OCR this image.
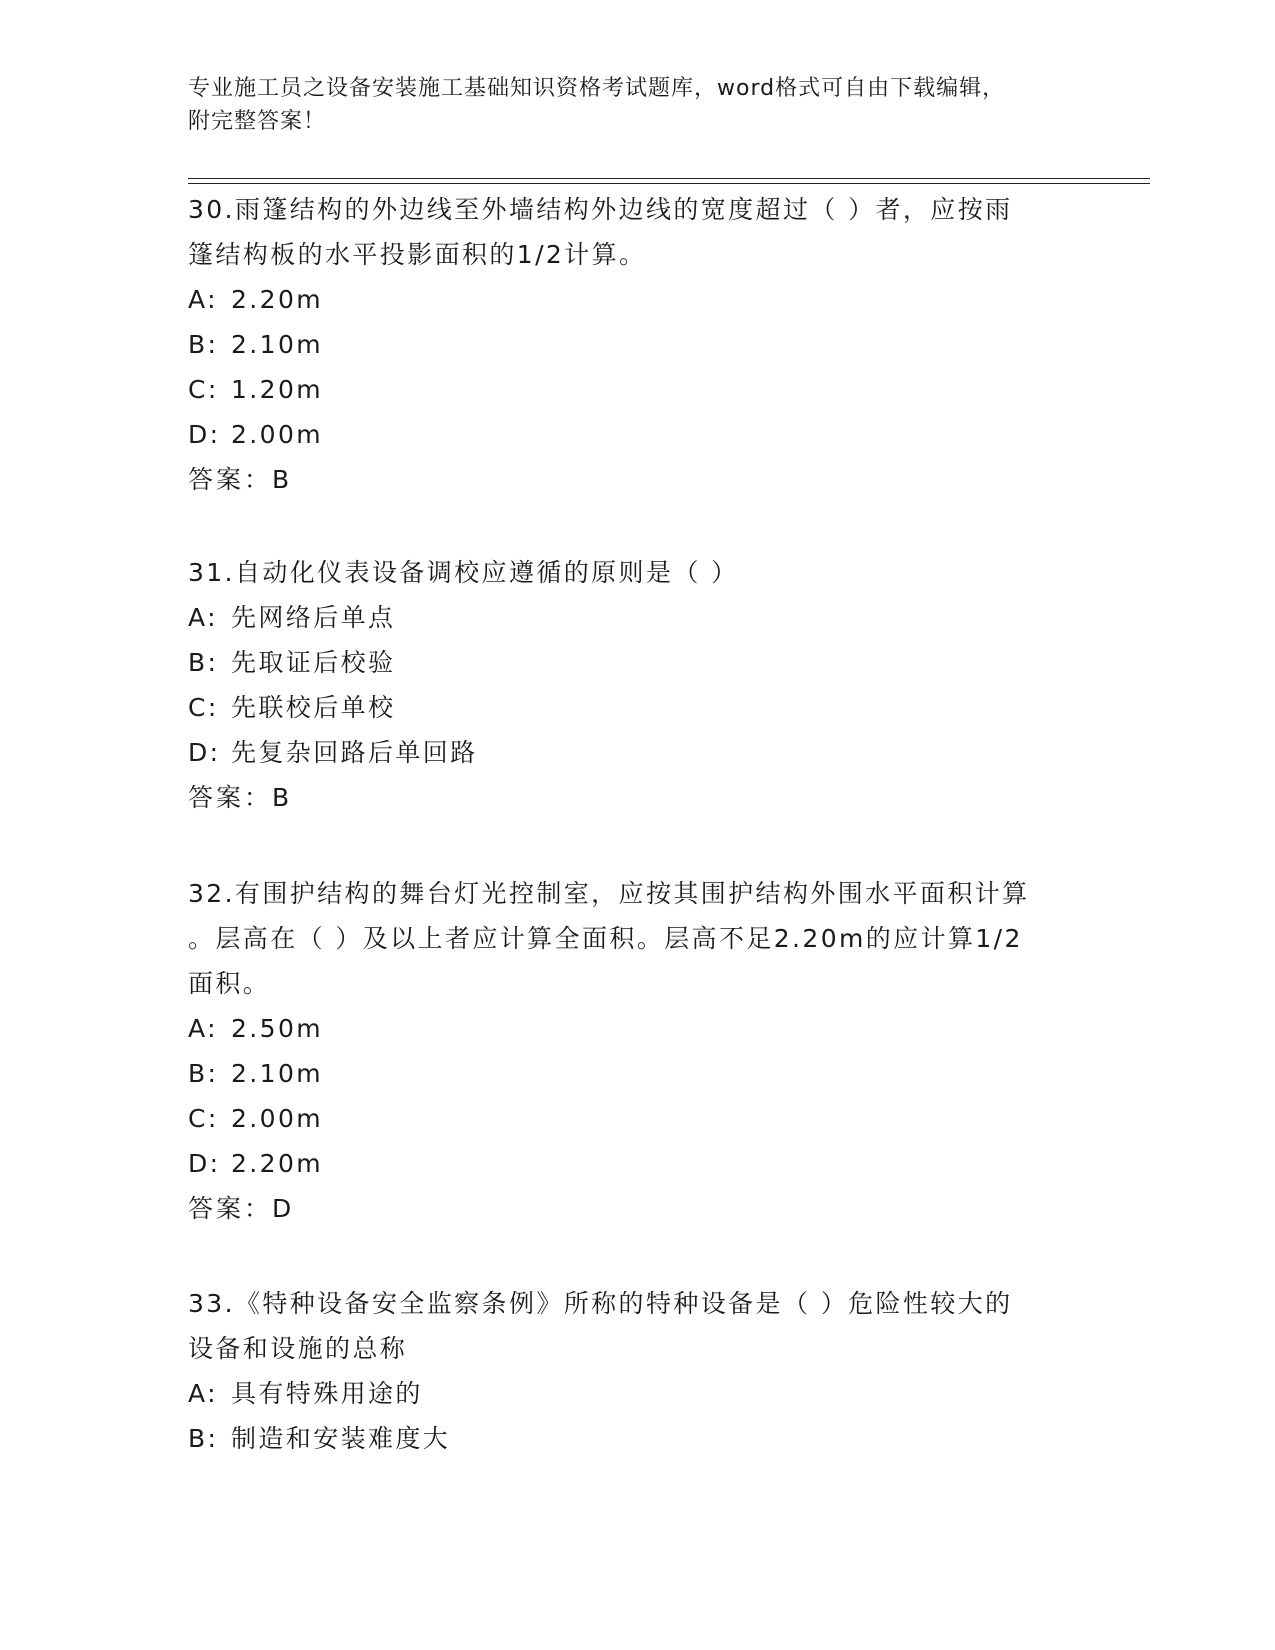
专业施工员之设备安装施工基础知识资格考试题库，word格式可自由下载编辑，
附完整答案！

30.雨篷结构的外边线至外墙结构外边线的宽度超过（ ）者，应按雨

篷结构板的水平投影面积的1/2计算。

A: 2.20m

B: 2.10m

C: 1.20m

D: 2.00m

答案：B

31.自动化仪表设备调校应遵循的原则是（ ）

A: 先网络后单点

B: 先取证后校验

C: 先联校后单校

D: 先复杂回路后单回路

答案：B

32.有围护结构的舞台灯光控制室，应按其围护结构外围水平面积计算

。层高在（ ）及以上者应计算全面积。层高不足2.20m的应计算1/2

面积。

A: 2.50m

B: 2.10m

C: 2.00m

D: 2.20m

答案：D

33.《特种设备安全监察条例》所称的特种设备是（ ）危险性较大的

设备和设施的总称

A: 具有特殊用途的

B: 制造和安装难度大
